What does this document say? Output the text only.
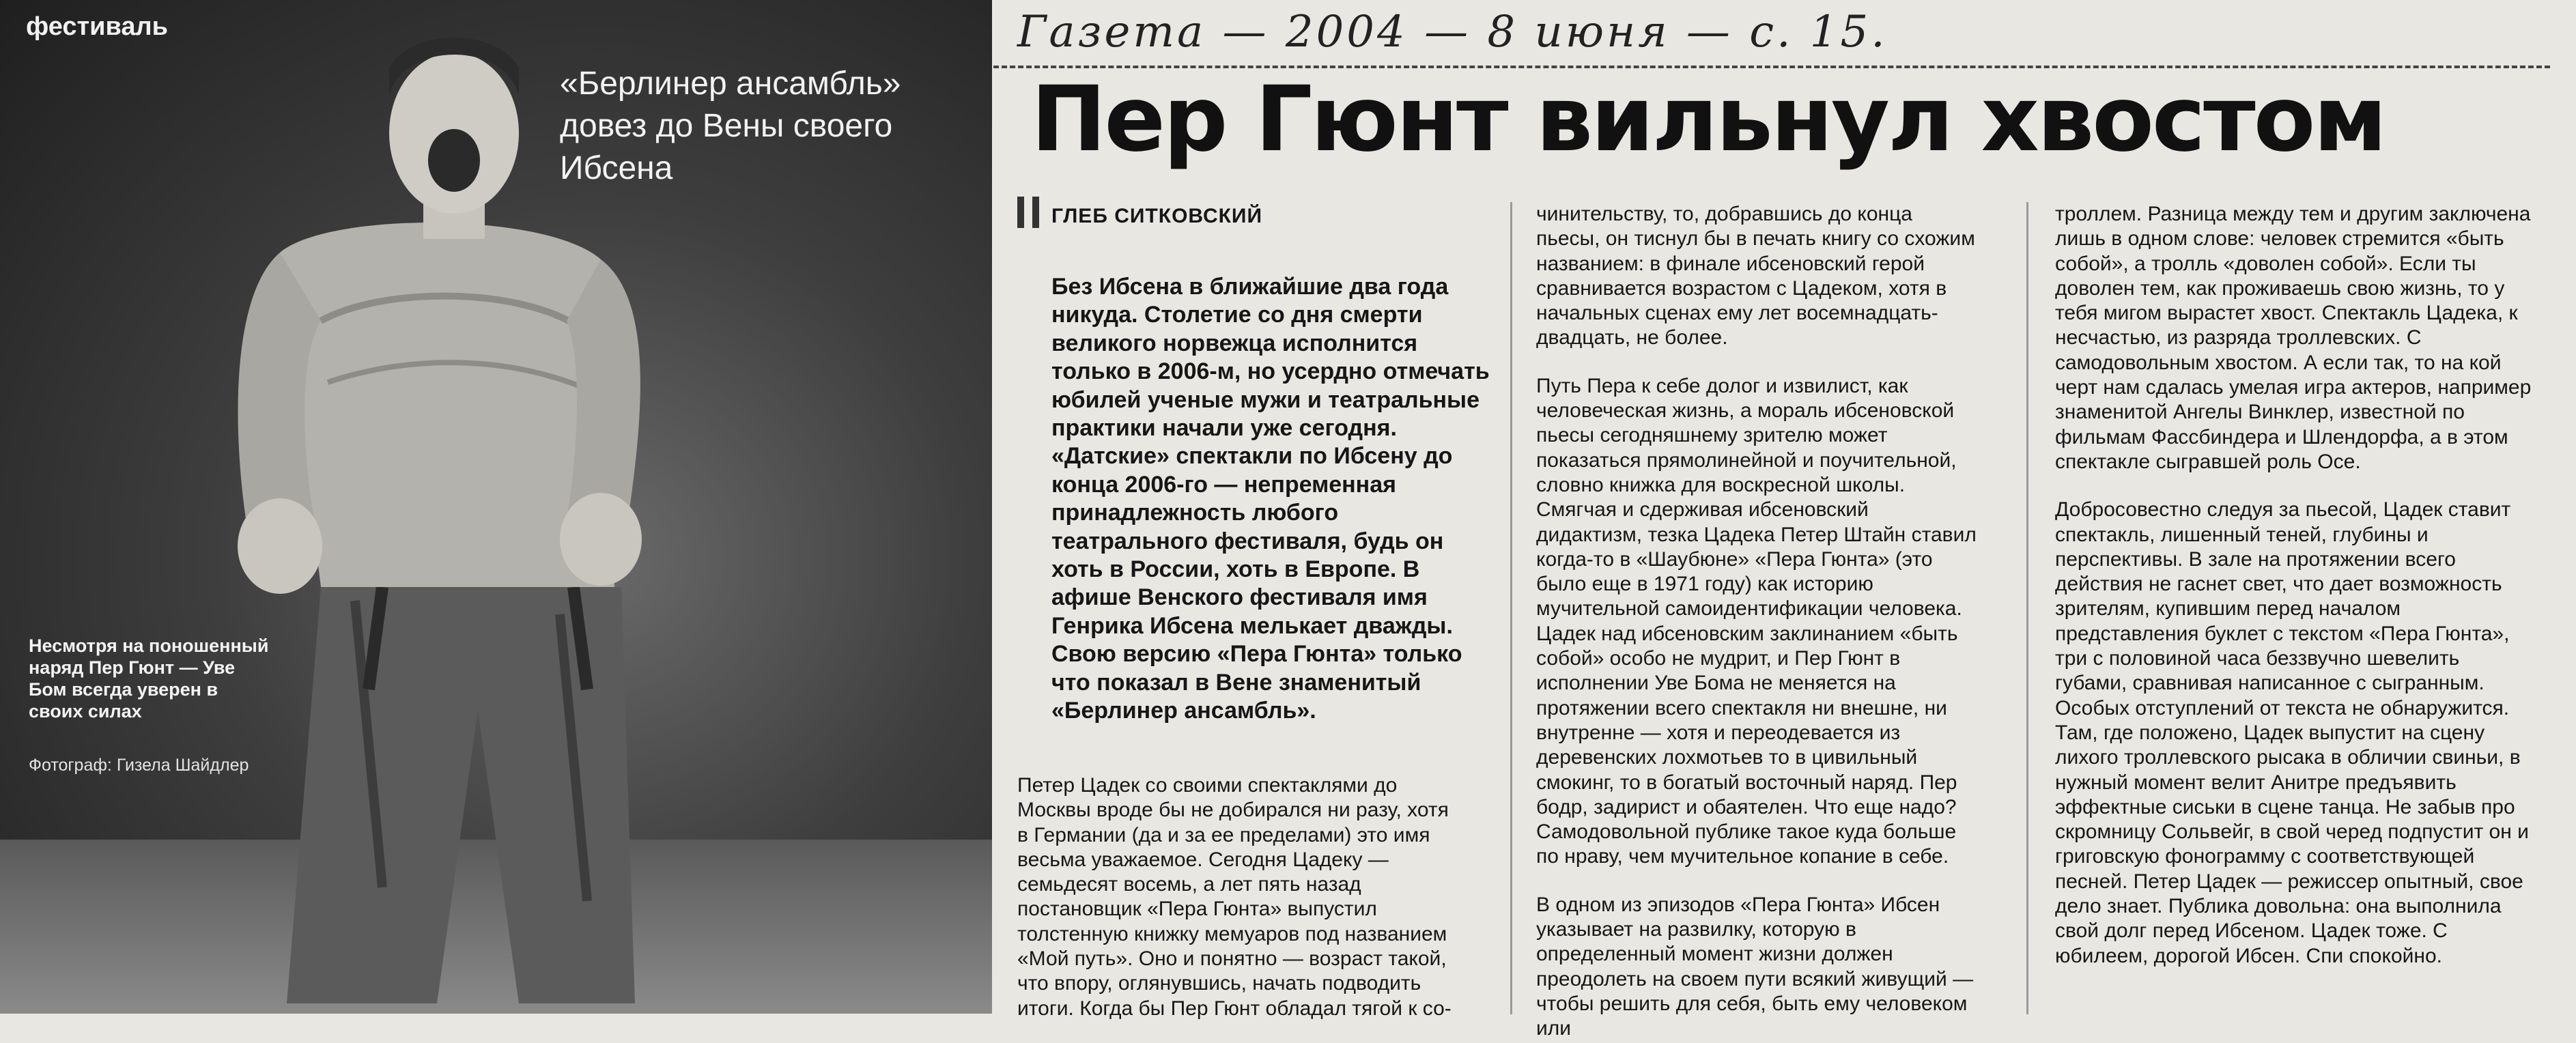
фестиваль
«Берлинер ансамбль» довез до Вены своего Ибсена
Несмотря на поношенный наряд Пер Гюнт — Уве Бом всегда уверен в своих силах
Фотограф: Гизела Шайдлер
Газета — 2004 — 8 июня — с. 15.
Пер Гюнт вильнул хвостом
ГЛЕБ СИТКОВСКИЙ
Без Ибсена в ближайшие два года никуда. Столетие со дня смерти великого норвежца исполнится только в 2006-м, но усердно отмечать юбилей ученые мужи и театральные практики начали уже сегодня. «Датские» спектакли по Ибсену до конца 2006-го — непременная принадлежность любого театрального фестиваля, будь он хоть в России, хоть в Европе. В афише Венского фестиваля имя Генрика Ибсена мелькает дважды. Свою версию «Пера Гюнта» только что показал в Вене знаменитый «Берлинер ансамбль».
Петер Цадек со своими спектаклями до Москвы вроде бы не добирался ни разу, хотя в Германии (да и за ее пределами) это имя весьма уважаемое. Сегодня Цадеку — семьдесят восемь, а лет пять назад постановщик «Пера Гюнта» выпустил толстенную книжку мемуаров под названием «Мой путь». Оно и понятно — возраст такой, что впору, оглянувшись, начать подводить итоги. Когда бы Пер Гюнт обладал тягой к со-
чинительству, то, добравшись до конца пьесы, он тиснул бы в печать книгу со схожим названием: в финале ибсеновский герой сравнивается возрастом с Цадеком, хотя в начальных сценах ему лет восемнадцать-двадцать, не более.
Путь Пера к себе долог и извилист, как человеческая жизнь, а мораль ибсеновской пьесы сегодняшнему зрителю может показаться прямолинейной и поучительной, словно книжка для воскресной школы. Смягчая и сдерживая ибсеновский дидактизм, тезка Цадека Петер Штайн ставил когда-то в «Шаубюне» «Пера Гюнта» (это было еще в 1971 году) как историю мучительной самоидентификации человека. Цадек над ибсеновским заклинанием «быть собой» особо не мудрит, и Пер Гюнт в исполнении Уве Бома не меняется на протяжении всего спектакля ни внешне, ни внутренне — хотя и переодевается из деревенских лохмотьев то в цивильный смокинг, то в богатый восточный наряд. Пер бодр, задирист и обаятелен. Что еще надо? Самодовольной публике такое куда больше по нраву, чем мучительное копание в себе.
В одном из эпизодов «Пера Гюнта» Ибсен указывает на развилку, которую в определенный момент жизни должен преодолеть на своем пути всякий живущий — чтобы решить для себя, быть ему человеком или
троллем. Разница между тем и другим заключена лишь в одном слове: человек стремится «быть собой», а тролль «доволен собой». Если ты доволен тем, как проживаешь свою жизнь, то у тебя мигом вырастет хвост. Спектакль Цадека, к несчастью, из разряда троллевских. С самодовольным хвостом. А если так, то на кой черт нам сдалась умелая игра актеров, например знаменитой Ангелы Винклер, известной по фильмам Фассбиндера и Шлендорфа, а в этом спектакле сыгравшей роль Осе.
Добросовестно следуя за пьесой, Цадек ставит спектакль, лишенный теней, глубины и перспективы. В зале на протяжении всего действия не гаснет свет, что дает возможность зрителям, купившим перед началом представления буклет с текстом «Пера Гюнта», три с половиной часа беззвучно шевелить губами, сравнивая написанное с сыгранным. Особых отступлений от текста не обнаружится. Там, где положено, Цадек выпустит на сцену лихого троллевского рысака в обличии свиньи, в нужный момент велит Анитре предъявить эффектные сиськи в сцене танца. Не забыв про скромницу Сольвейг, в свой черед подпустит он и григовскую фонограмму с соответствующей песней. Петер Цадек — режиссер опытный, свое дело знает. Публика довольна: она выполнила свой долг перед Ибсеном. Цадек тоже. С юбилеем, дорогой Ибсен. Спи спокойно.
